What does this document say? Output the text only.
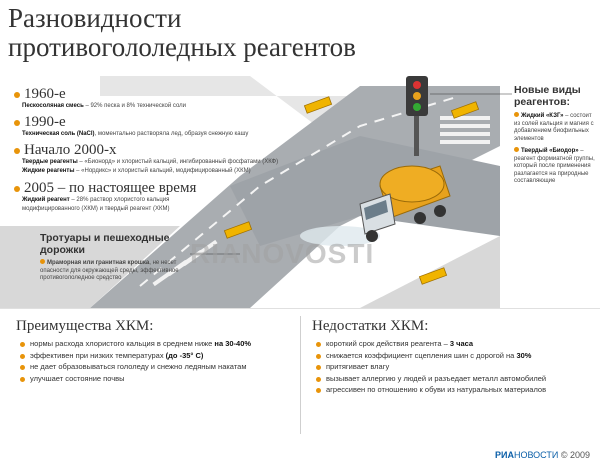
Разновидности
противогололедных реагентов
1960-е
Пескосоляная смесь – 92% песка и 8% технической соли
1990-е
Техническая соль (NaCl), моментально растворяла лед, образуя снежную кашу
Начало 2000-х
Твердые реагенты – «Бионорд» и хлористый кальций, ингибированный фосфатами (ХКФ)
Жидкие реагенты – «Нордикс» и хлористый кальций, модифицированный (ХКМ)
2005 – по настоящее время
Жидкий реагент – 28% раствор хлористого кальция
модифицированного (ХКМ) и твердый реагент (ХКМ)
Новые виды реагентов:
Жидкий «КЗГ» – состоит из солей кальция и магния с добавлением биофильных элементов
Твердый «Биодор» – реагент формиатной группы, который после применения разлагается на природные составляющие
Тротуары и пешеходные дорожки
Мраморная или гранитная крошка, не несет опасности для окружающей среды, эффективное противогололедное средство
RIANOVOSTI
Преимущества ХКМ:
нормы расхода хлористого кальция в среднем ниже на 30-40%
эффективен при низких температурах (до -35° С)
не дает образовываться гололеду и снежно ледяным накатам
улучшает состояние почвы
Недостатки ХКМ:
короткий срок действия реагента – 3 часа
снижается коэффициент сцепления шин с дорогой на 30%
притягивает влагу
вызывает аллергию у людей и разъедает металл автомобилей
агрессивен по отношению к обуви из натуральных материалов
РИАНОВОСТИ © 2009
